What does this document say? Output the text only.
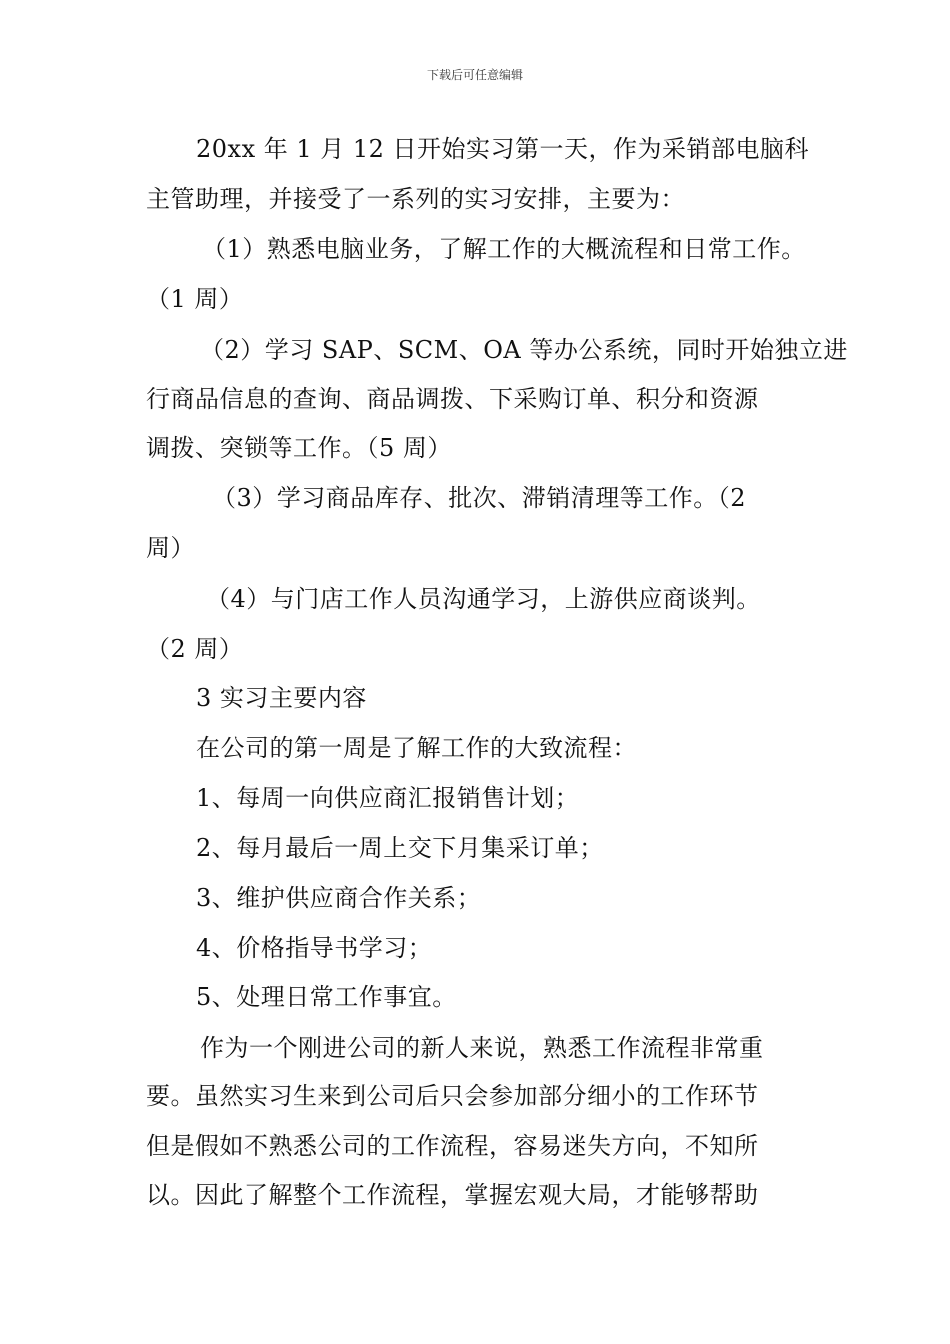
下载后可任意编辑
20xx 年 1 月 12 日开始实习第一天，作为采销部电脑科
主管助理，并接受了一系列的实习安排，主要为：
（1）熟悉电脑业务，了解工作的大概流程和日常工作。
（1 周）
（2）学习 SAP、SCM、OA 等办公系统，同时开始独立进
行商品信息的查询、商品调拨、下采购订单、积分和资源
调拨、突锁等工作。（5 周）
（3）学习商品库存、批次、滞销清理等工作。（2
周）
（4）与门店工作人员沟通学习，上游供应商谈判。
（2 周）
3 实习主要内容
在公司的第一周是了解工作的大致流程：
1、每周一向供应商汇报销售计划；
2、每月最后一周上交下月集采订单；
3、维护供应商合作关系；
4、价格指导书学习；
5、处理日常工作事宜。
作为一个刚进公司的新人来说，熟悉工作流程非常重
要。虽然实习生来到公司后只会参加部分细小的工作环节
但是假如不熟悉公司的工作流程，容易迷失方向，不知所
以。因此了解整个工作流程，掌握宏观大局，才能够帮助
